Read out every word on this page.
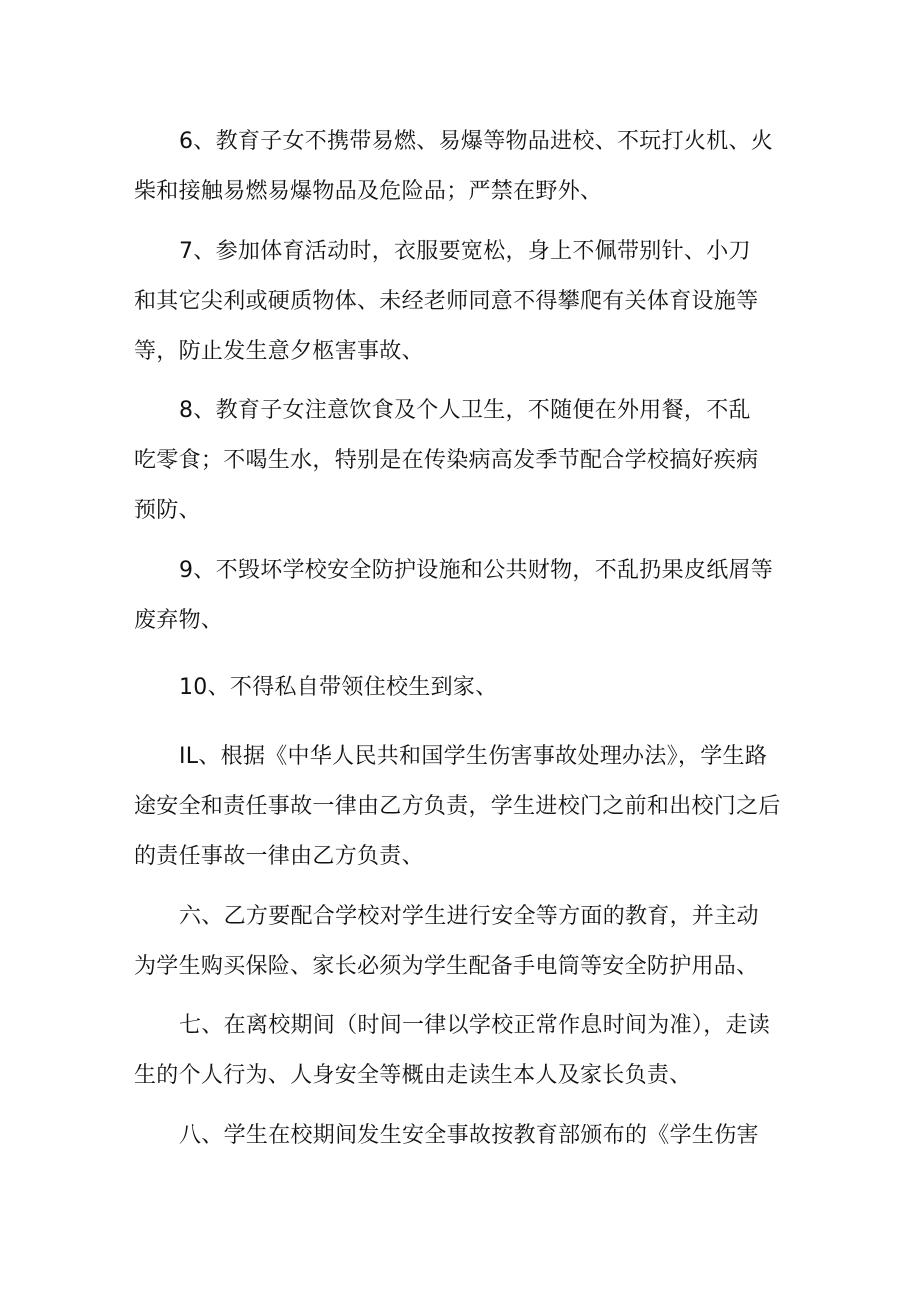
6、教育子女不携带易燃、易爆等物品进校、不玩打火机、火
柴和接触易燃易爆物品及危险品；严禁在野外、
7、参加体育活动时，衣服要宽松，身上不佩带别针、小刀
和其它尖利或硬质物体、未经老师同意不得攀爬有关体育设施等
等，防止发生意夕柩害事故、
8、教育子女注意饮食及个人卫生，不随便在外用餐，不乱
吃零食；不喝生水，特别是在传染病高发季节配合学校搞好疾病
预防、
9、不毁坏学校安全防护设施和公共财物，不乱扔果皮纸屑等
废弃物、
10、不得私自带领住校生到家、
IL、根据《中华人民共和国学生伤害事故处理办法》，学生路
途安全和责任事故一律由乙方负责，学生进校门之前和出校门之后
的责任事故一律由乙方负责、
六、乙方要配合学校对学生进行安全等方面的教育，并主动
为学生购买保险、家长必须为学生配备手电筒等安全防护用品、
七、在离校期间（时间一律以学校正常作息时间为准），走读
生的个人行为、人身安全等概由走读生本人及家长负责、
八、学生在校期间发生安全事故按教育部颁布的《学生伤害
